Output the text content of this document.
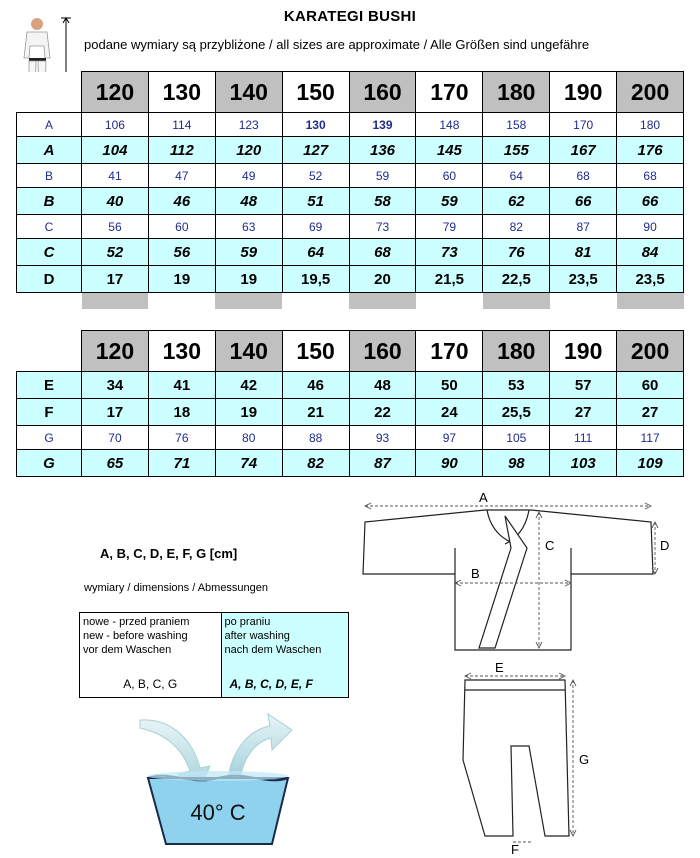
KARATEGI BUSHI
podane wymiary są przybliżone / all sizes are approximate / Alle Größen sind ungefähre
	120	130	140	150	160	170	180	190	200
A	106	114	123	130	139	148	158	170	180
A	104	112	120	127	136	145	155	167	176
B	41	47	49	52	59	60	64	68	68
B	40	46	48	51	58	59	62	66	66
C	56	60	63	69	73	79	82	87	90
C	52	56	59	64	68	73	76	81	84
D	17	19	19	19,5	20	21,5	22,5	23,5	23,5

	120	130	140	150	160	170	180	190	200
E	34	41	42	46	48	50	53	57	60
F	17	18	19	21	22	24	25,5	27	27
G	70	76	80	88	93	97	105	111	117
G	65	71	74	82	87	90	98	103	109
A, B, C, D, E, F, G [cm]
wymiary / dimensions / Abmessungen
nowe - przed praniem
new - before washing
vor dem Waschen
A, B, C, G

po praniu
after washing
nach dem Waschen
A, B, C, D, E, F
40° C
A
B
C	D
E
F
G
